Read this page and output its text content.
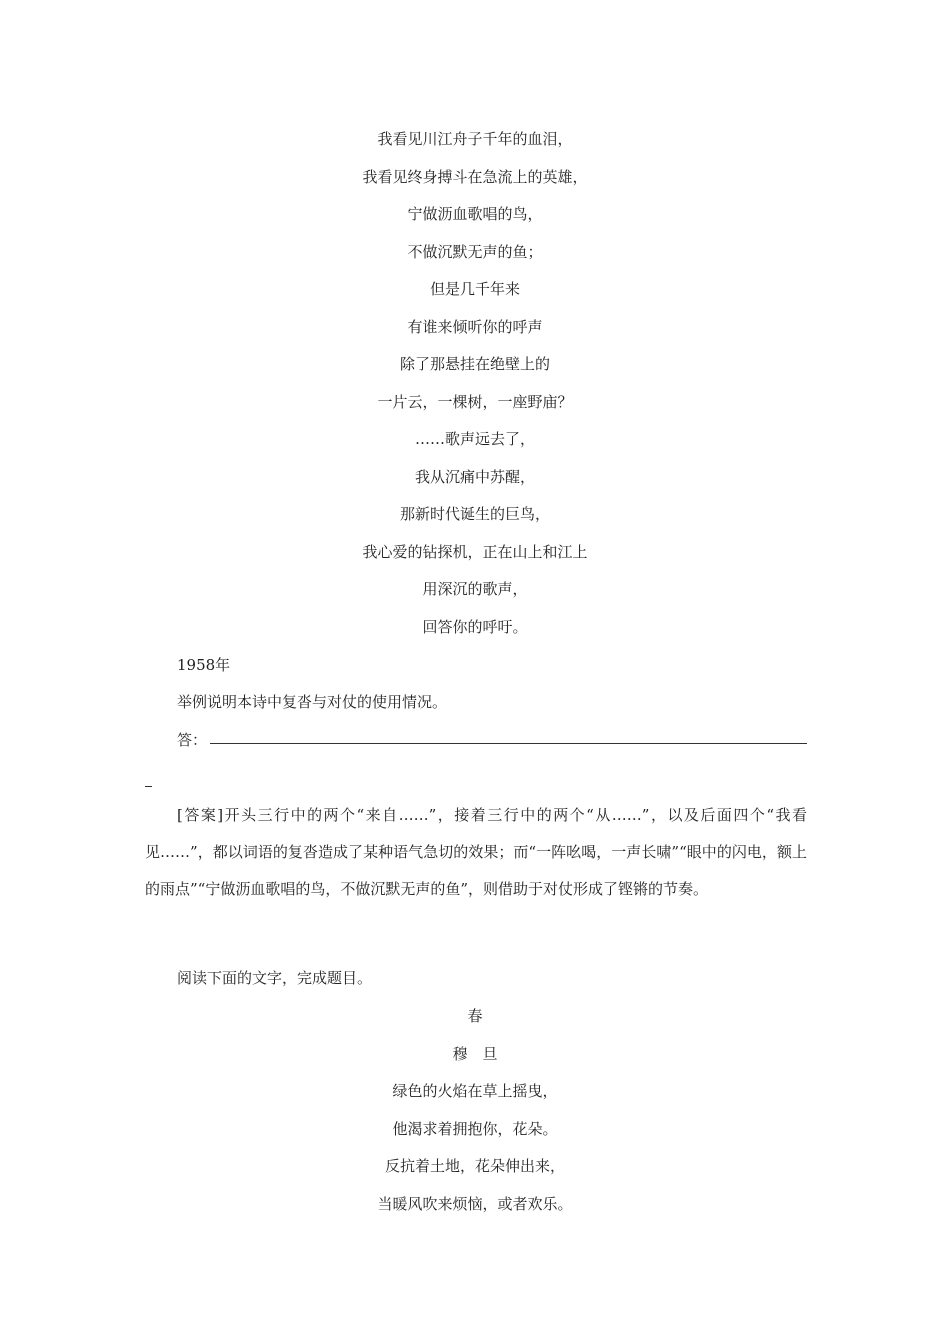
我看见川江舟子千年的血泪，
我看见终身搏斗在急流上的英雄，
宁做沥血歌唱的鸟，
不做沉默无声的鱼；
但是几千年来
有谁来倾听你的呼声
除了那悬挂在绝壁上的
一片云，一棵树，一座野庙？
……歌声远去了，
我从沉痛中苏醒，
那新时代诞生的巨鸟，
我心爱的钻探机，正在山上和江上
用深沉的歌声，
回答你的呼吁。
1958年
举例说明本诗中复沓与对仗的使用情况。
答：
[答案]开头三行中的两个“来自……”，接着三行中的两个“从……”，以及后面四个“我看见……”，都以词语的复沓造成了某种语气急切的效果；而“一阵吆喝，一声长啸”“眼中的闪电，额上的雨点”“宁做沥血歌唱的鸟，不做沉默无声的鱼”，则借助于对仗形成了铿锵的节奏。
阅读下面的文字，完成题目。
春
穆　旦
绿色的火焰在草上摇曳，
他渴求着拥抱你，花朵。
反抗着土地，花朵伸出来，
当暖风吹来烦恼，或者欢乐。
